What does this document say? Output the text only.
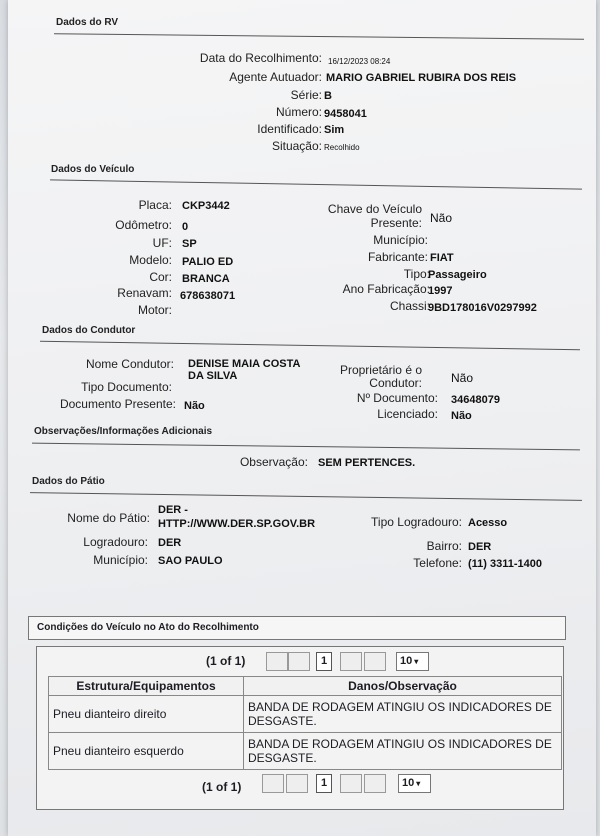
Dados do RV
Data do Recolhimento: 16/12/2023 08:24
Agente Autuador: MARIO GABRIEL RUBIRA DOS REIS
Série: B
Número: 9458041
Identificado: Sim
Situação: Recolhido
Dados do Veículo
Placa: CKP3442
Odômetro: 0
UF: SP
Modelo: PALIO ED
Cor: BRANCA
Renavam: 678638071
Motor:
Chave do Veículo
Presente: Não
Município:
Fabricante: FIAT
Tipo:
Passageiro
Ano Fabricação:
1997
Chassi:
9BD178016V0297992
Dados do Condutor
Nome Condutor: DENISE MAIA COSTA
DA SILVA
Tipo Documento:
Documento Presente: Não
Proprietário é o
Condutor: Não
Nº Documento: 34648079
Licenciado: Não
Observações/Informações Adicionais
Observação: SEM PERTENCES.
Dados do Pátio
Nome do Pátio:
DER -
HTTP://WWW.DER.SP.GOV.BR
Logradouro: DER
Município: SAO PAULO
Tipo Logradouro: Acesso
Bairro: DER
Telefone: (11) 3311-1400
Condições do Veículo no Ato do Recolhimento
(1 of 1)	1	10 ▾
Estrutura/Equipamentos	Danos/Observação
Pneu dianteiro direito	BANDA DE RODAGEM ATINGIU OS INDICADORES DE DESGASTE.
Pneu dianteiro esquerdo	BANDA DE RODAGEM ATINGIU OS INDICADORES DE DESGASTE.
(1 of 1)	1	10 ▾
